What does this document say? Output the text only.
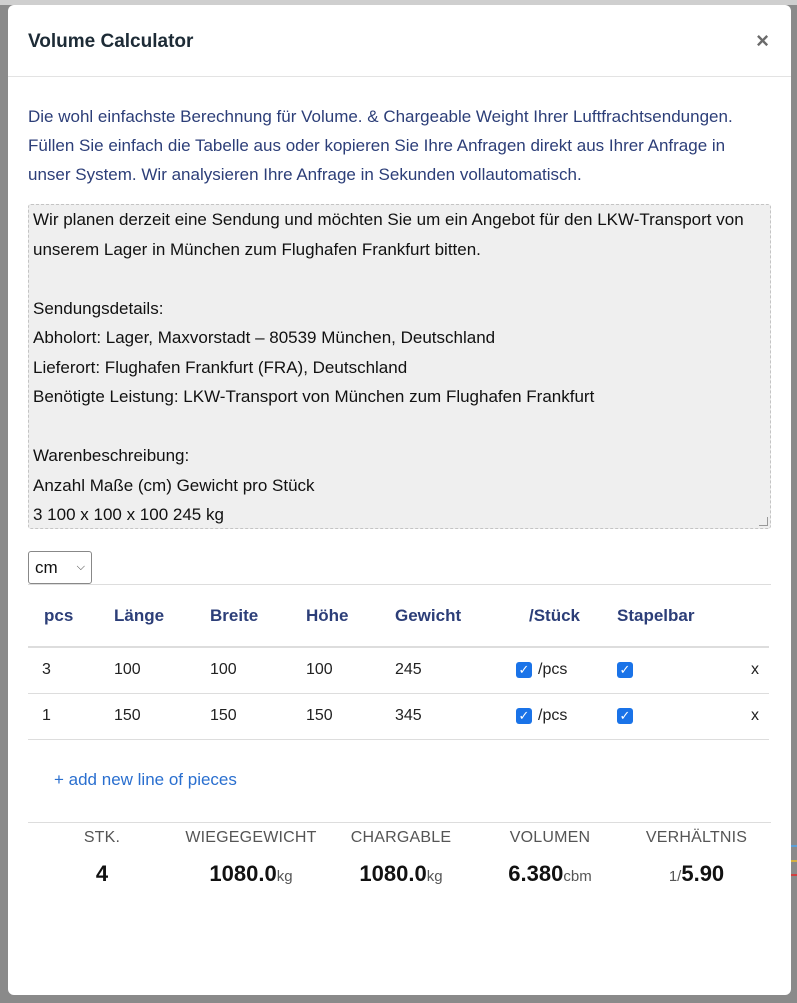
Volume Calculator	×
Die wohl einfachste Berechnung für Volume. & Chargeable Weight Ihrer Luftfrachtsendungen. Füllen Sie einfach die Tabelle aus oder kopieren Sie Ihre Anfragen direkt aus Ihrer Anfrage in unser System. Wir analysieren Ihre Anfrage in Sekunden vollautomatisch.
Wir planen derzeit eine Sendung und möchten Sie um ein Angebot für den LKW-Transport von unserem Lager in München zum Flughafen Frankfurt bitten.

Sendungsdetails:
Abholort: Lager, Maxvorstadt – 80539 München, Deutschland
Lieferort: Flughafen Frankfurt (FRA), Deutschland
Benötigte Leistung: LKW-Transport von München zum Flughafen Frankfurt

Warenbeschreibung:
Anzahl Maße (cm) Gewicht pro Stück
3 100 x 100 x 100 245 kg
cm ⌵
pcs	Länge	Breite	Höhe	Gewicht	/Stück	Stapelbar	
3	100	100	100	245	✓ /pcs	✓	x
1	150	150	150	345	✓ /pcs	✓	x
+ add new line of pieces
STK.
4
WIEGEGEWICHT
1080.0kg
CHARGABLE
1080.0kg
VOLUMEN
6.380cbm
VERHÄLTNIS
1/5.90
